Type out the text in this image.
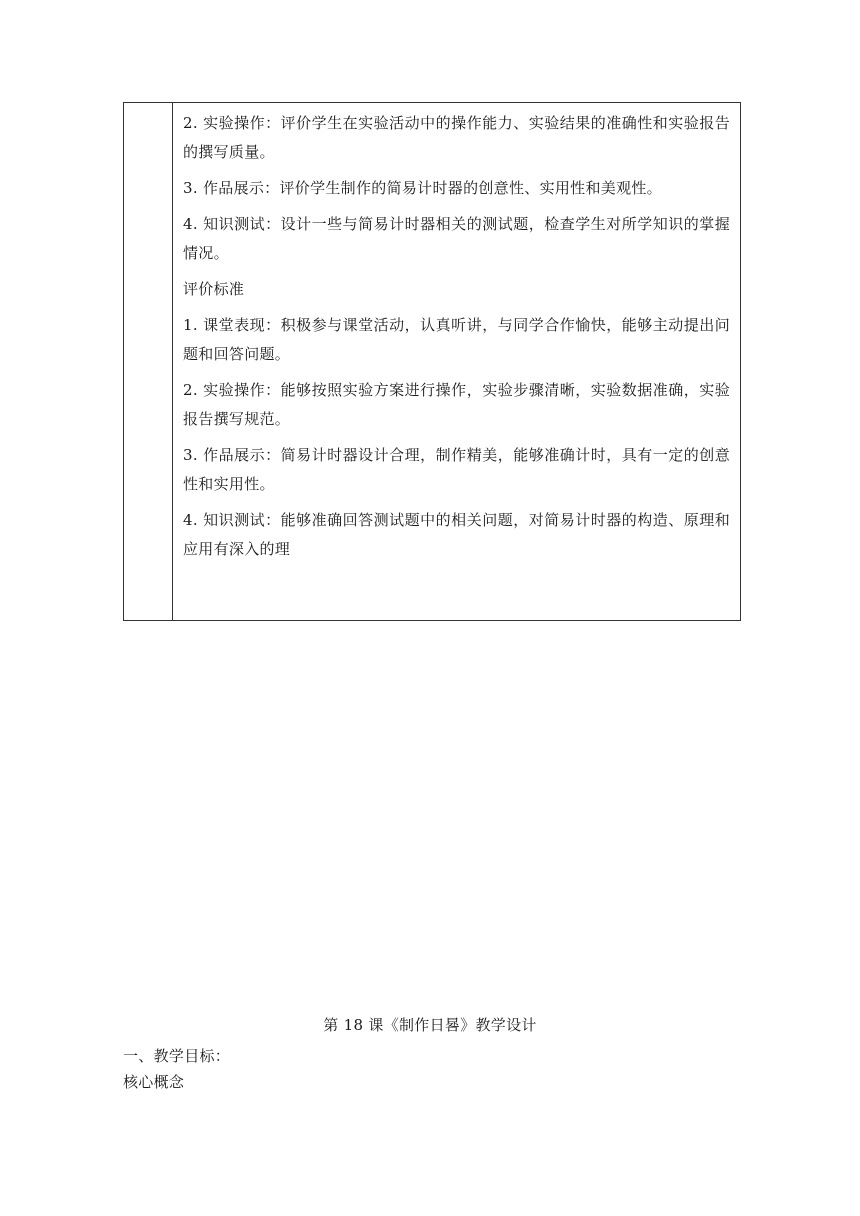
2. 实验操作：评价学生在实验活动中的操作能力、实验结果的准确性和实验报告的撰写质量。

3. 作品展示：评价学生制作的简易计时器的创意性、实用性和美观性。

4. 知识测试：设计一些与简易计时器相关的测试题，检查学生对所学知识的掌握情况。

评价标准

1. 课堂表现：积极参与课堂活动，认真听讲，与同学合作愉快，能够主动提出问题和回答问题。

2. 实验操作：能够按照实验方案进行操作，实验步骤清晰，实验数据准确，实验报告撰写规范。

3. 作品展示：简易计时器设计合理，制作精美，能够准确计时，具有一定的创意性和实用性。

4. 知识测试：能够准确回答测试题中的相关问题，对简易计时器的构造、原理和应用有深入的理

第 18 课《制作日晷》教学设计

一、教学目标：

核心概念
